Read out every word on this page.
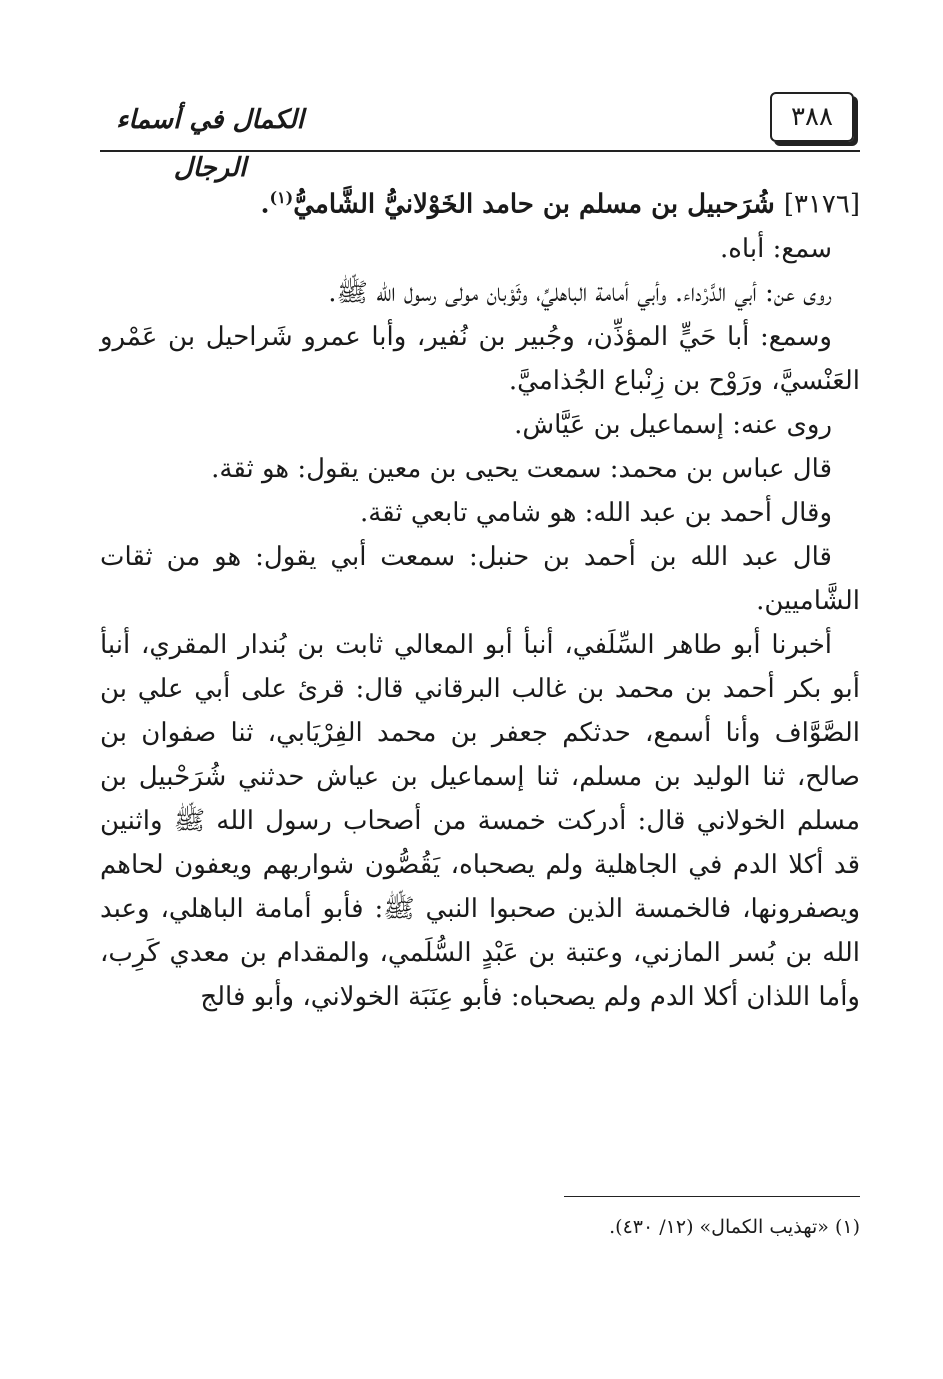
٣٨٨
الكمال في أسماء الرجال

[٣١٧٦] شُرَحبيل بن مسلم بن حامد الخَوْلانيُّ الشَّاميُّ$^{(١)}$.

سمع: أباه.

روى عن: أبي الدَّرْداء. وأبي أمامة الباهليِّ، وثَوْبان مولى رسول الله ﷺ.

وسمع: أبا حَيٍّ المؤذِّن، وجُبير بن نُفير، وأبا عمرو شَراحيل بن عَمْرو العَنْسيَّ، ورَوْح بن زِنْباع الجُذاميَّ.

روى عنه: إسماعيل بن عَيَّاش.

قال عباس بن محمد: سمعت يحيى بن معين يقول: هو ثقة.

وقال أحمد بن عبد الله: هو شامي تابعي ثقة.

قال عبد الله بن أحمد بن حنبل: سمعت أبي يقول: هو من ثقات الشَّاميين.

أخبرنا أبو طاهر السِّلَفي، أنبأ أبو المعالي ثابت بن بُندار المقري، أنبأ أبو بكر أحمد بن محمد بن غالب البرقاني قال: قرئ على أبي علي بن الصَّوَّاف وأنا أسمع، حدثكم جعفر بن محمد الفِرْيَابي، ثنا صفوان بن صالح، ثنا الوليد بن مسلم، ثنا إسماعيل بن عياش حدثني شُرَحْبيل بن مسلم الخولاني قال: أدركت خمسة من أصحاب رسول الله ﷺ واثنين قد أكلا الدم في الجاهلية ولم يصحباه، يَقُصُّون شواربهم ويعفون لحاهم ويصفرونها، فالخمسة الذين صحبوا النبي ﷺ: فأبو أمامة الباهلي، وعبد الله بن بُسر المازني، وعتبة بن عَبْدٍ السُّلَمي، والمقدام بن معدي كَرِب، وأما اللذان أكلا الدم ولم يصحباه: فأبو عِنَبَة الخولاني، وأبو فالج

(١) «تهذيب الكمال» (١٢/ ٤٣٠).
